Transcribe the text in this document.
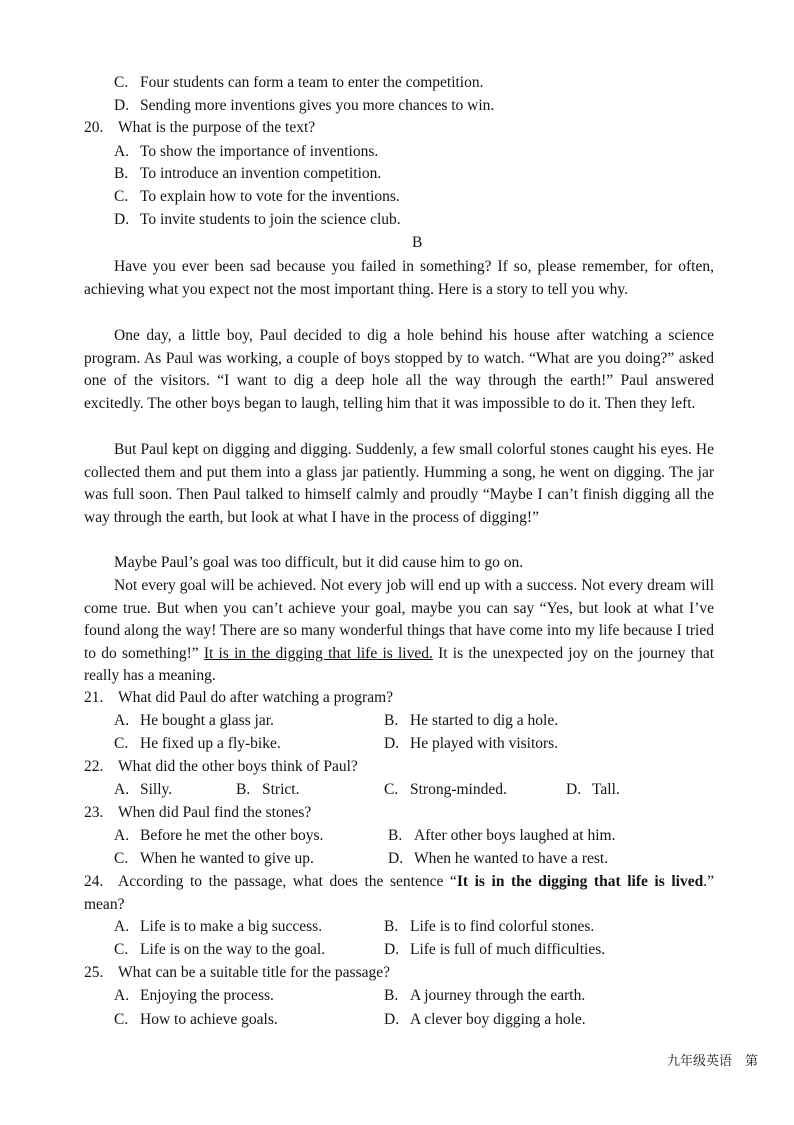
C. Four students can form a team to enter the competition.
D. Sending more inventions gives you more chances to win.
20. What is the purpose of the text?
A. To show the importance of inventions.
B. To introduce an invention competition.
C. To explain how to vote for the inventions.
D. To invite students to join the science club.
B
Have you ever been sad because you failed in something? If so, please remember, for often, achieving what you expect not the most important thing. Here is a story to tell you why.
One day, a little boy, Paul decided to dig a hole behind his house after watching a science program. As Paul was working, a couple of boys stopped by to watch. “What are you doing?” asked one of the visitors. “I want to dig a deep hole all the way through the earth!” Paul answered excitedly. The other boys began to laugh, telling him that it was impossible to do it. Then they left.
But Paul kept on digging and digging. Suddenly, a few small colorful stones caught his eyes. He collected them and put them into a glass jar patiently. Humming a song, he went on digging. The jar was full soon. Then Paul talked to himself calmly and proudly “Maybe I can’t finish digging all the way through the earth, but look at what I have in the process of digging!”
Maybe Paul’s goal was too difficult, but it did cause him to go on.
Not every goal will be achieved. Not every job will end up with a success. Not every dream will come true. But when you can’t achieve your goal, maybe you can say “Yes, but look at what I’ve found along the way! There are so many wonderful things that have come into my life because I tried to do something!” It is in the digging that life is lived. It is the unexpected joy on the journey that really has a meaning.
21. What did Paul do after watching a program?
A. He bought a glass jar.	B. He started to dig a hole.
C. He fixed up a fly-bike.	D. He played with visitors.
22. What did the other boys think of Paul?
A. Silly.	B. Strict.	C. Strong-minded.	D. Tall.
23. When did Paul find the stones?
A. Before he met the other boys.	B. After other boys laughed at him.
C. When he wanted to give up.	D. When he wanted to have a rest.
24. According to the passage, what does the sentence “It is in the digging that life is lived.” mean?
A. Life is to make a big success.	B. Life is to find colorful stones.
C. Life is on the way to the goal.	D. Life is full of much difficulties.
25. What can be a suitable title for the passage?
A. Enjoying the process.	B. A journey through the earth.
C. How to achieve goals.	D. A clever boy digging a hole.
九年级英语　第
